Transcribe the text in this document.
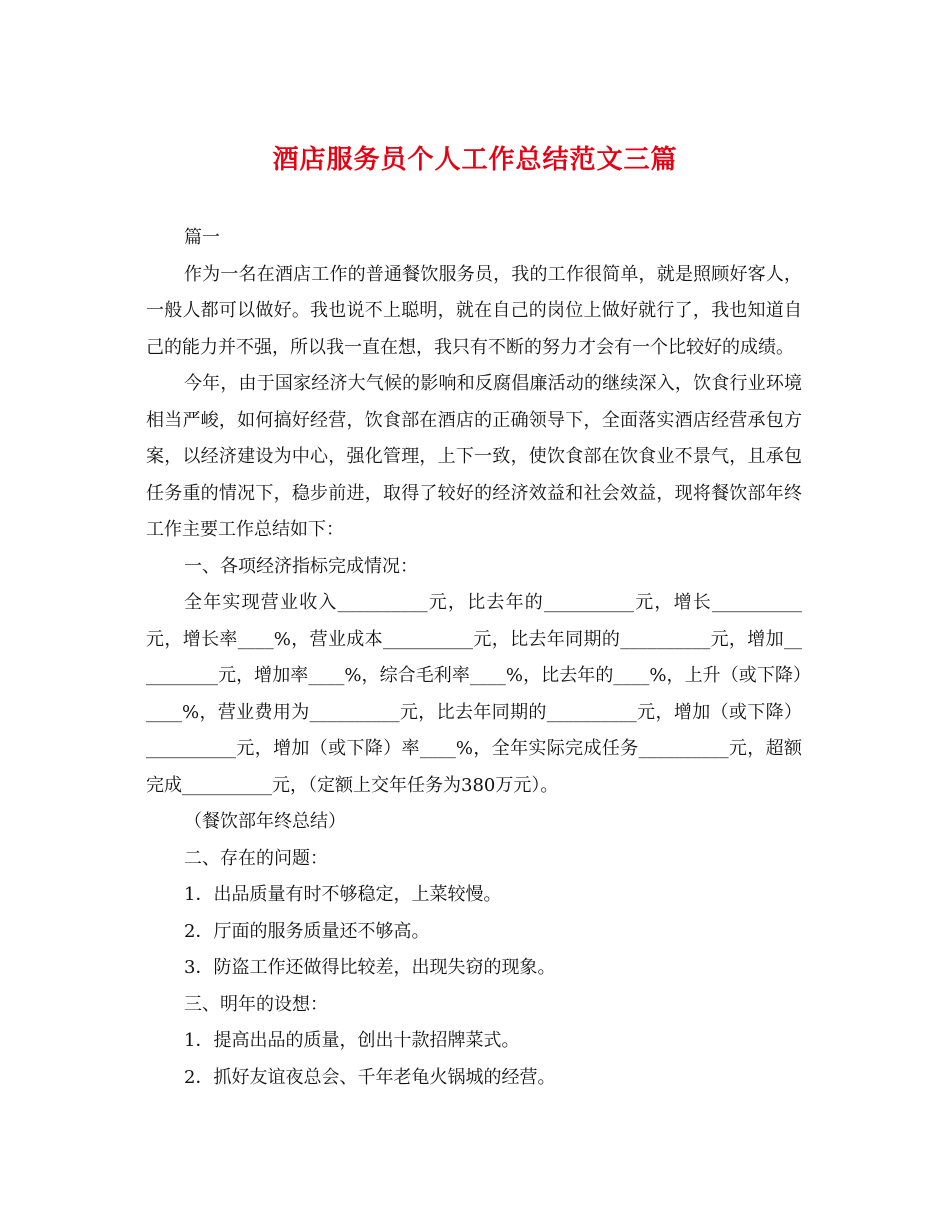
酒店服务员个人工作总结范文三篇

篇一

作为一名在酒店工作的普通餐饮服务员，我的工作很简单，就是照顾好客人，一般人都可以做好。我也说不上聪明，就在自己的岗位上做好就行了，我也知道自己的能力并不强，所以我一直在想，我只有不断的努力才会有一个比较好的成绩。

今年，由于国家经济大气候的影响和反腐倡廉活动的继续深入，饮食行业环境相当严峻，如何搞好经营，饮食部在酒店的正确领导下，全面落实酒店经营承包方案，以经济建设为中心，强化管理，上下一致，使饮食部在饮食业不景气，且承包任务重的情况下，稳步前进，取得了较好的经济效益和社会效益，现将餐饮部年终工作主要工作总结如下：

一、各项经济指标完成情况：

全年实现营业收入__________元，比去年的__________元，增长__________元，增长率____%，营业成本__________元，比去年同期的__________元，增加__________元，增加率____%，综合毛利率____%，比去年的____%，上升（或下降）____%，营业费用为__________元，比去年同期的__________元，增加（或下降）__________元，增加（或下降）率____%，全年实际完成任务__________元，超额完成__________元，（定额上交年任务为380万元）。

（餐饮部年终总结）

二、存在的问题：

1．出品质量有时不够稳定，上菜较慢。

2．厅面的服务质量还不够高。

3．防盗工作还做得比较差，出现失窃的现象。

三、明年的设想：

1．提高出品的质量，创出十款招牌菜式。

2．抓好友谊夜总会、千年老龟火锅城的经营。
